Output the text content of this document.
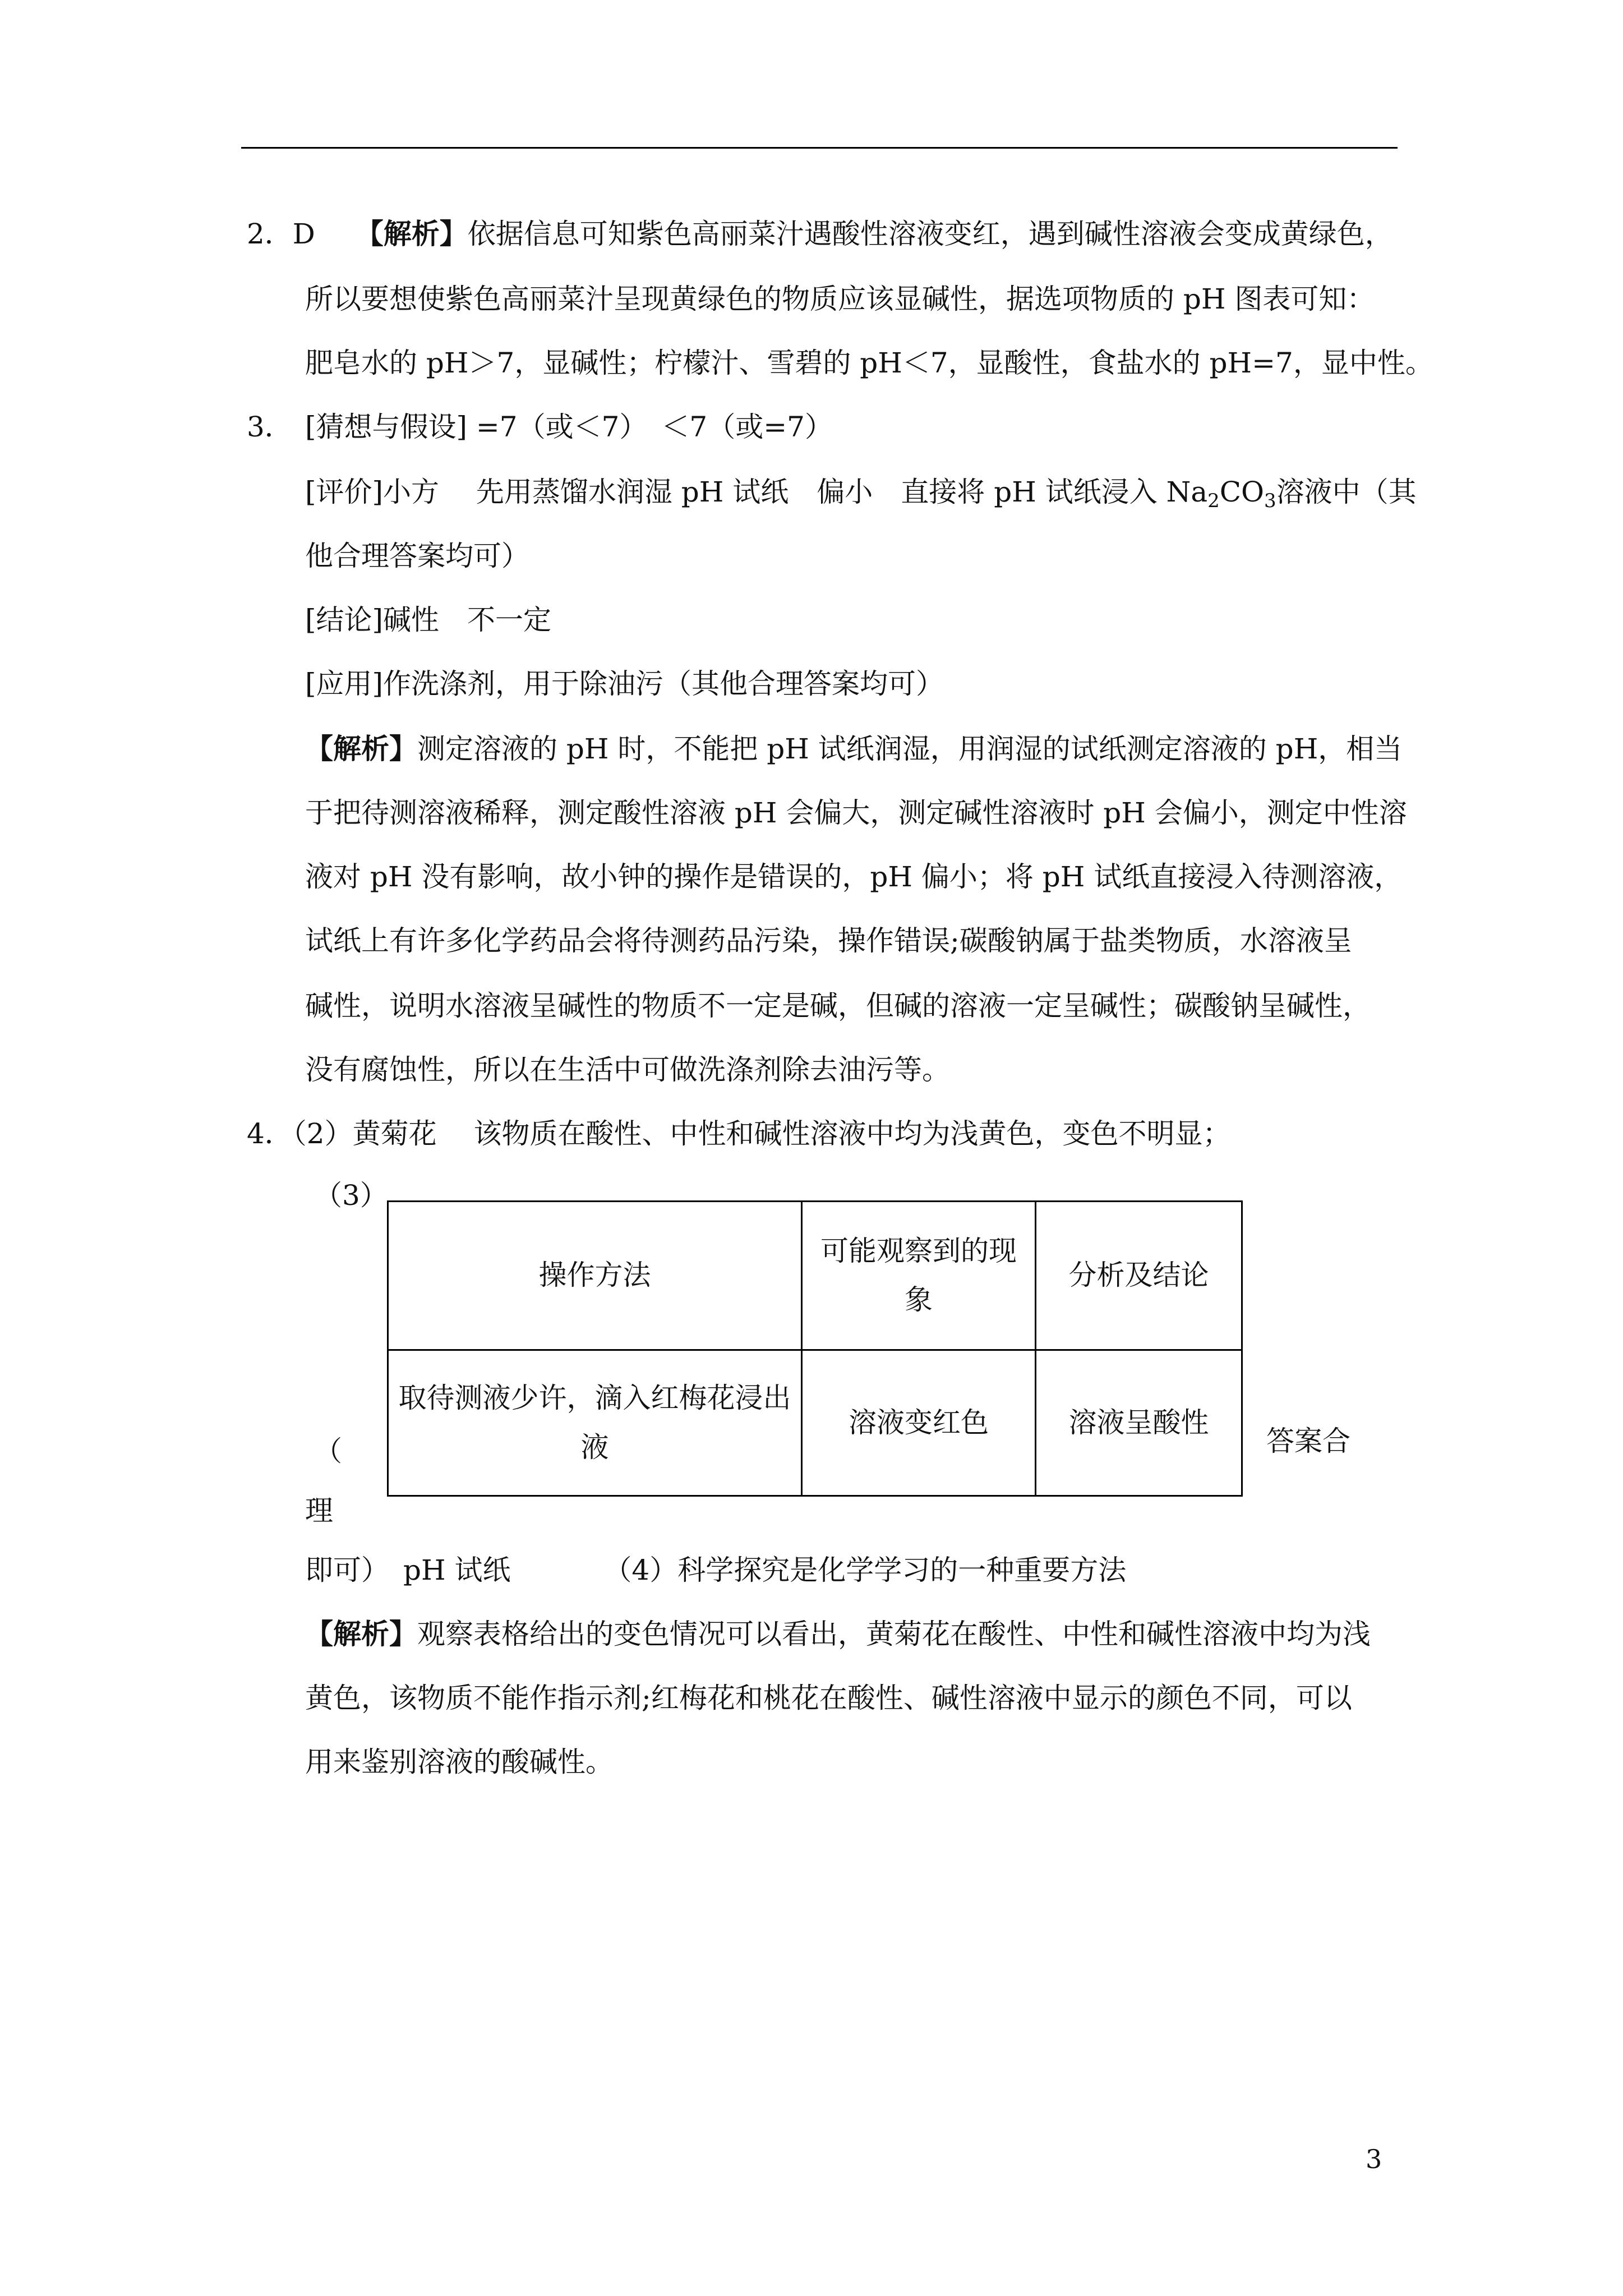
2．D 【解析】依据信息可知紫色高丽菜汁遇酸性溶液变红，遇到碱性溶液会变成黄绿色，
所以要想使紫色高丽菜汁呈现黄绿色的物质应该显碱性，据选项物质的 pH 图表可知：
肥皂水的 pH＞7，显碱性；柠檬汁、雪碧的 pH＜7，显酸性，食盐水的 pH=7，显中性。
3． [猜想与假设] =7（或＜7）　＜7（或=7）
[评价]小方　 先用蒸馏水润湿 pH 试纸　偏小　直接将 pH 试纸浸入 $Na_2CO_3$溶液中（其
他合理答案均可）
[结论]碱性　不一定
[应用]作洗涤剂，用于除油污（其他合理答案均可）
【解析】测定溶液的 pH 时，不能把 pH 试纸润湿，用润湿的试纸测定溶液的 pH，相当
于把待测溶液稀释，测定酸性溶液 pH 会偏大，测定碱性溶液时 pH 会偏小，测定中性溶
液对 pH 没有影响，故小钟的操作是错误的，pH 偏小；将 pH 试纸直接浸入待测溶液，
试纸上有许多化学药品会将待测药品污染，操作错误;碳酸钠属于盐类物质，水溶液呈
碱性，说明水溶液呈碱性的物质不一定是碱，但碱的溶液一定呈碱性；碳酸钠呈碱性，
没有腐蚀性，所以在生活中可做洗涤剂除去油污等。
4．（2）黄菊花　 该物质在酸性、中性和碱性溶液中均为浅黄色，变色不明显；
（3）
操作方法
可能观察到的现象
分析及结论
取待测液少许，滴入红梅花浸出液
溶液变红色	溶液呈酸性
（
理
答案合
即可）　pH 试纸　　　 （4）科学探究是化学学习的一种重要方法
【解析】观察表格给出的变色情况可以看出，黄菊花在酸性、中性和碱性溶液中均为浅
黄色，该物质不能作指示剂;红梅花和桃花在酸性、碱性溶液中显示的颜色不同，可以
用来鉴别溶液的酸碱性。
3
